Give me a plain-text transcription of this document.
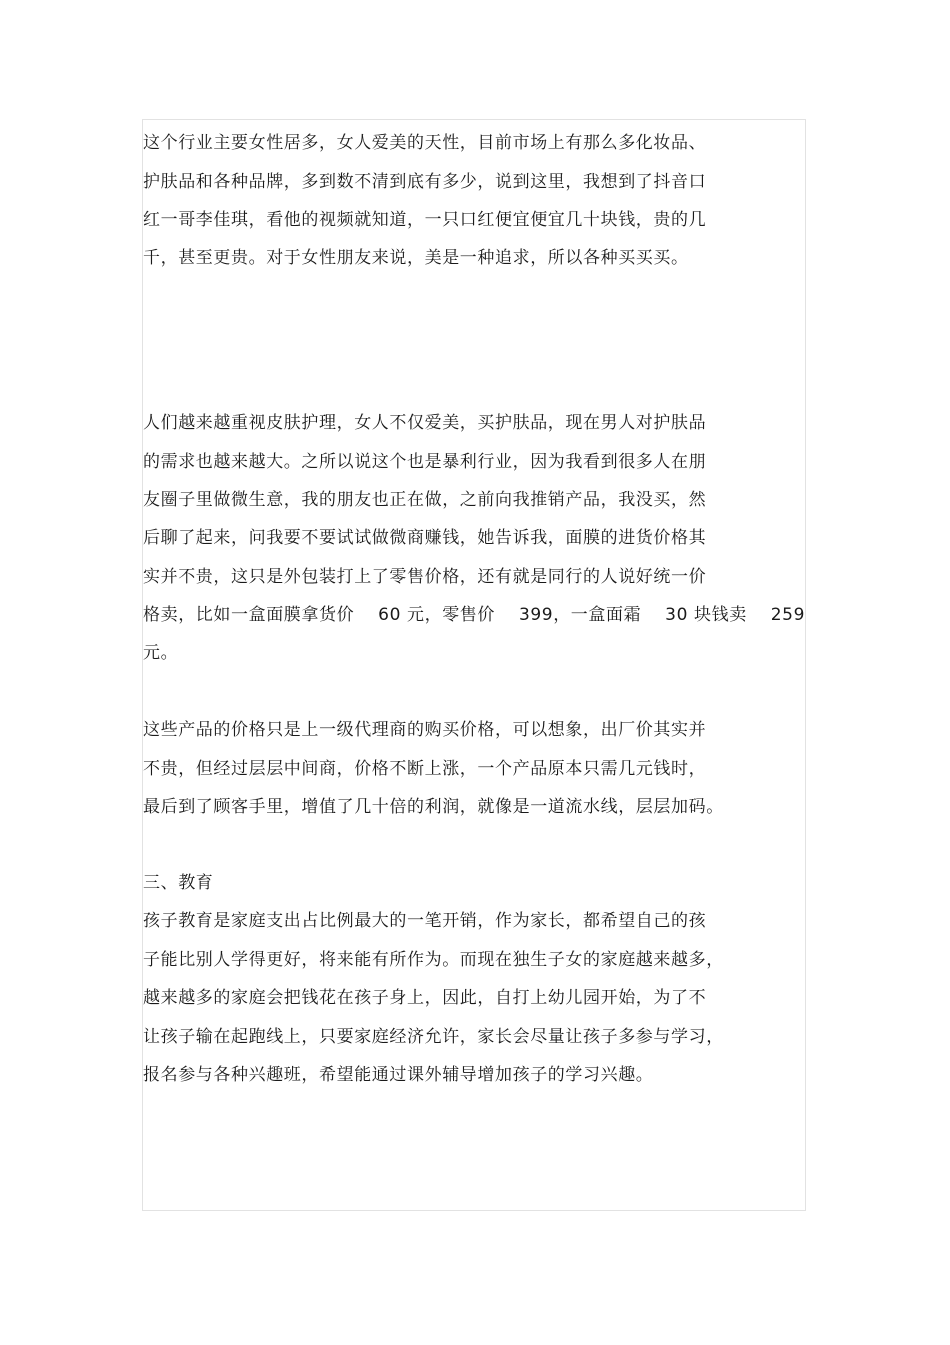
这个行业主要女性居多，女人爱美的天性，目前市场上有那么多化妆品、
护肤品和各种品牌，多到数不清到底有多少，说到这里，我想到了抖音口
红一哥李佳琪，看他的视频就知道，一只口红便宜便宜几十块钱，贵的几
千，甚至更贵。对于女性朋友来说，美是一种追求，所以各种买买买。
人们越来越重视皮肤护理，女人不仅爱美，买护肤品，现在男人对护肤品
的需求也越来越大。之所以说这个也是暴利行业，因为我看到很多人在朋
友圈子里做微生意，我的朋友也正在做，之前向我推销产品，我没买，然
后聊了起来，问我要不要试试做微商赚钱，她告诉我，面膜的进货价格其
实并不贵，这只是外包装打上了零售价格，还有就是同行的人说好统一价
格卖，比如一盒面膜拿货价 60 元，零售价 399，一盒面霜 30 块钱卖 259
元。
这些产品的价格只是上一级代理商的购买价格，可以想象，出厂价其实并
不贵，但经过层层中间商，价格不断上涨，一个产品原本只需几元钱时，
最后到了顾客手里，增值了几十倍的利润，就像是一道流水线，层层加码。
三、教育
孩子教育是家庭支出占比例最大的一笔开销，作为家长，都希望自己的孩
子能比别人学得更好，将来能有所作为。而现在独生子女的家庭越来越多，
越来越多的家庭会把钱花在孩子身上，因此，自打上幼儿园开始，为了不
让孩子输在起跑线上，只要家庭经济允许，家长会尽量让孩子多参与学习，
报名参与各种兴趣班，希望能通过课外辅导增加孩子的学习兴趣。
